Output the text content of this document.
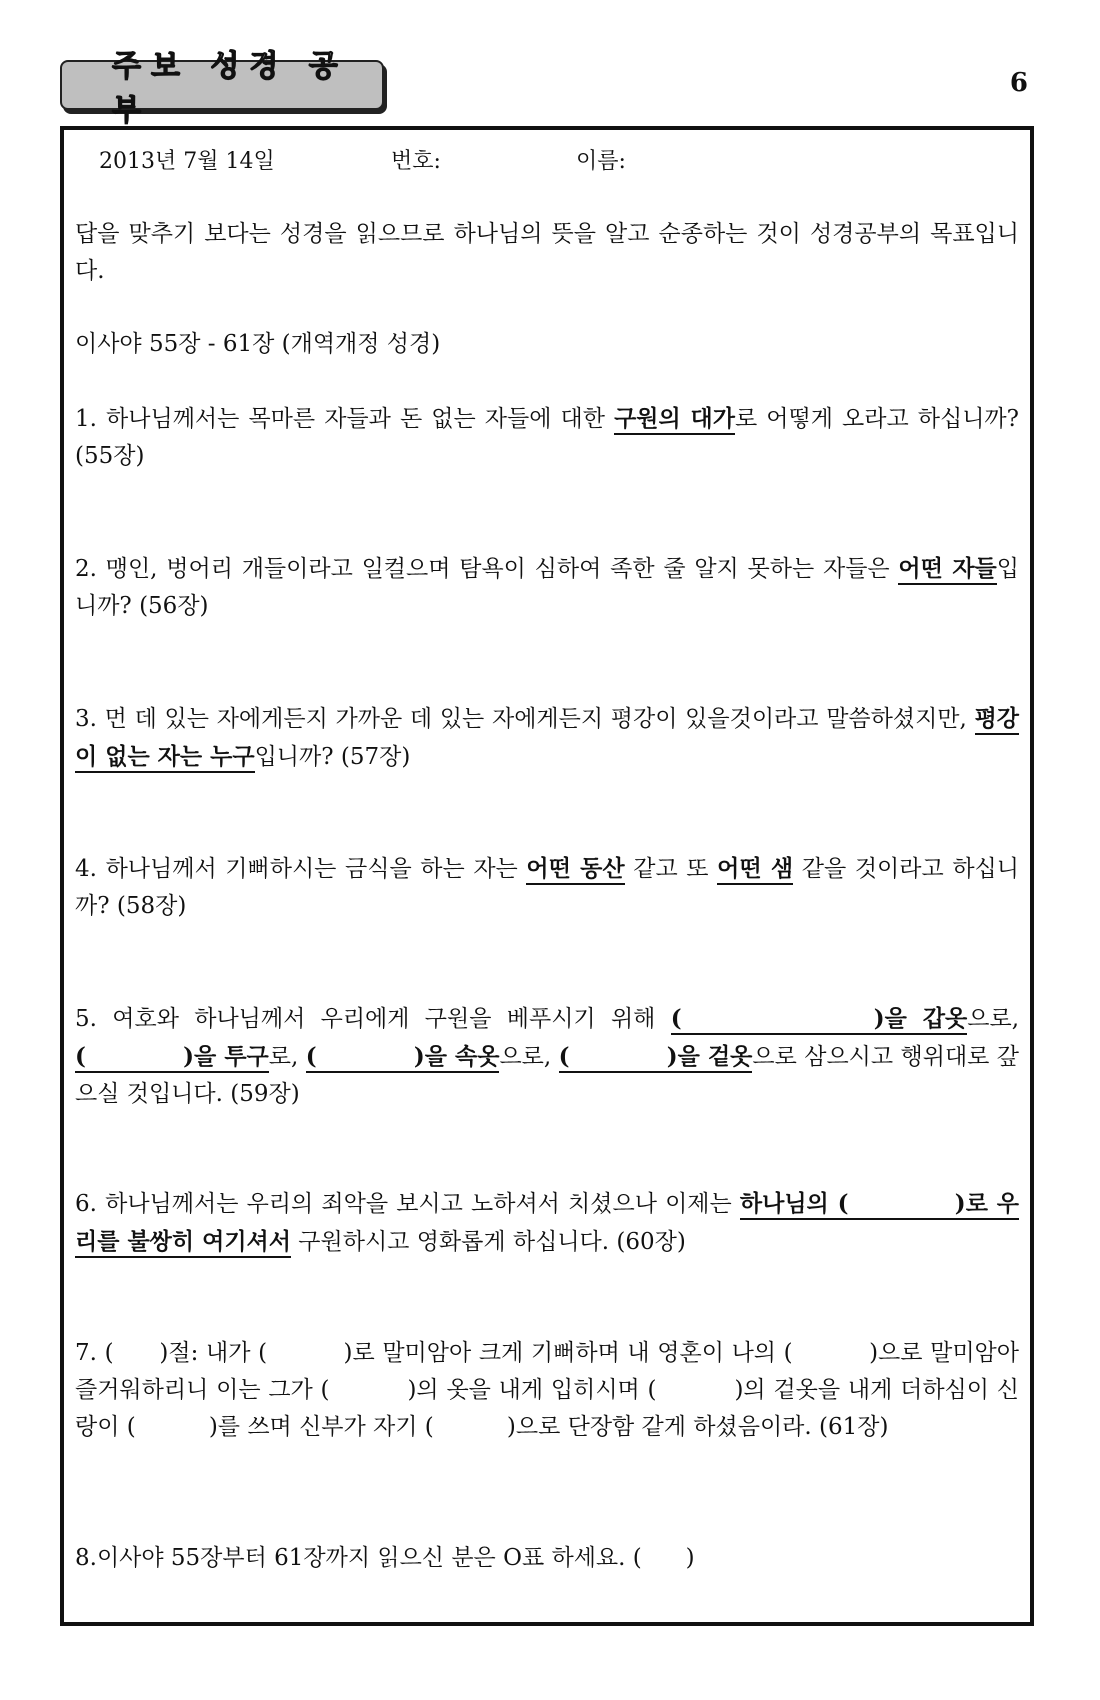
주보 성경 공부
6
2013년 7월 14일	번호:	이름:
답을 맞추기 보다는 성경을 읽으므로 하나님의 뜻을 알고 순종하는 것이 성경공부의 목표입니다.
이사야 55장 - 61장 (개역개정 성경)
1. 하나님께서는 목마른 자들과 돈 없는 자들에 대한 구원의 대가로 어떻게 오라고 하십니까? (55장)
2. 맹인, 벙어리 개들이라고 일컬으며 탐욕이 심하여 족한 줄 알지 못하는 자들은 어떤 자들입니까? (56장)
3. 먼 데 있는 자에게든지 가까운 데 있는 자에게든지 평강이 있을것이라고 말씀하셨지만, 평강이 없는 자는 누구입니까? (57장)
4. 하나님께서 기뻐하시는 금식을 하는 자는 어떤 동산 같고 또 어떤 샘 같을 것이라고 하십니까? (58장)
5. 여호와 하나님께서 우리에게 구원을 베푸시기 위해 (            )을 갑옷으로, (            )을 투구로, (            )을 속옷으로, (            )을 겉옷으로 삼으시고 행위대로 갚으실 것입니다. (59장)
6. 하나님께서는 우리의 죄악을 보시고 노하셔서 치셨으나 이제는 하나님의 (            )로 우리를 불쌍히 여기셔서 구원하시고 영화롭게 하십니다. (60장)
7. (      )절: 내가 (          )로 말미암아 크게 기뻐하며 내 영혼이 나의 (          )으로 말미암아 즐거워하리니 이는 그가 (          )의 옷을 내게 입히시며 (          )의 겉옷을 내게 더하심이 신랑이 (          )를 쓰며 신부가 자기 (          )으로 단장함 같게 하셨음이라. (61장)
8.이사야 55장부터 61장까지 읽으신 분은 O표 하세요. (      )
